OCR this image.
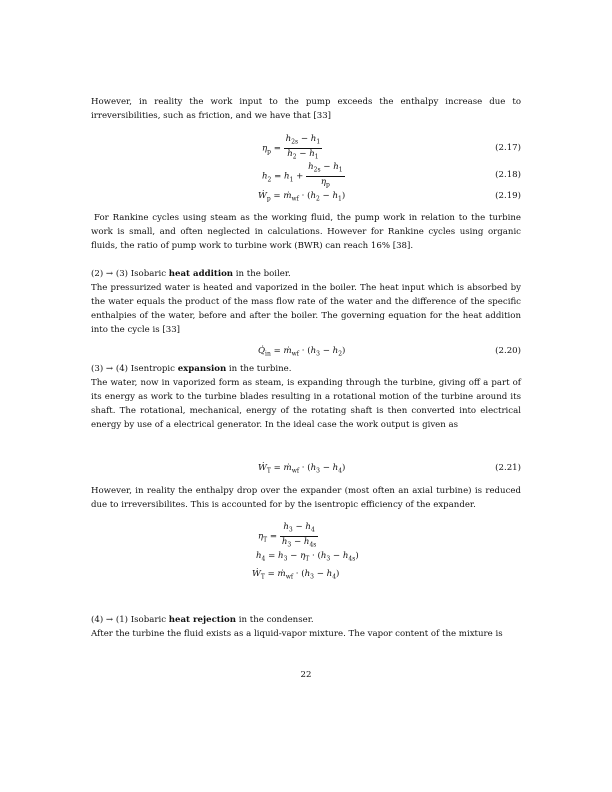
However, in reality the work input to the pump exceeds the enthalpy increase due to irreversibilities, such as friction, and we have that [33]
$\eta_p = \frac{h_{2s} - h_1}{h_2 - h_1}$	(2.17)
$h_2 = h_1 + \frac{h_{2s} - h_1}{\eta_p}$	(2.18)
Ẇ$_p$ = ṁ$_{wf}$ · $(h_2 - h_1)$	(2.19)
For Rankine cycles using steam as the working fluid, the pump work in relation to the turbine work is small, and often neglected in calculations. However for Rankine cycles using organic fluids, the ratio of pump work to turbine work (BWR) can reach 16% [38].
(2) → (3) Isobaric heat addition in the boiler.
The pressurized water is heated and vaporized in the boiler. The heat input which is absorbed by the water equals the product of the mass flow rate of the water and the difference of the specific enthalpies of the water, before and after the boiler. The governing equation for the heat addition into the cycle is [33]
$Q̇_{in}$ = ṁ$_{wf}$ · $(h_3 - h_2)$	(2.20)
(3) → (4) Isentropic expansion in the turbine.
The water, now in vaporized form as steam, is expanding through the turbine, giving off a part of its energy as work to the turbine blades resulting in a rotational motion of the turbine around its shaft. The rotational, mechanical, energy of the rotating shaft is then converted into electrical energy by use of a electrical generator. In the ideal case the work output is given as
Ẇ$_T$ = ṁ$_{wf}$ · $(h_3 - h_4)$	(2.21)
However, in reality the enthalpy drop over the expander (most often an axial turbine) is reduced due to irreversibilites. This is accounted for by the isentropic efficiency of the expander.
$\eta_T = \frac{h_3 - h_4}{h_3 - h_{4s}}$
$h_4 = h_3 - \eta_T \cdot (h_3 - h_{4s})$
Ẇ$_T$ = ṁ$_{wf}$ · $(h_3 - h_4)$
(4) → (1) Isobaric heat rejection in the condenser.
After the turbine the fluid exists as a liquid-vapor mixture. The vapor content of the mixture is
22
